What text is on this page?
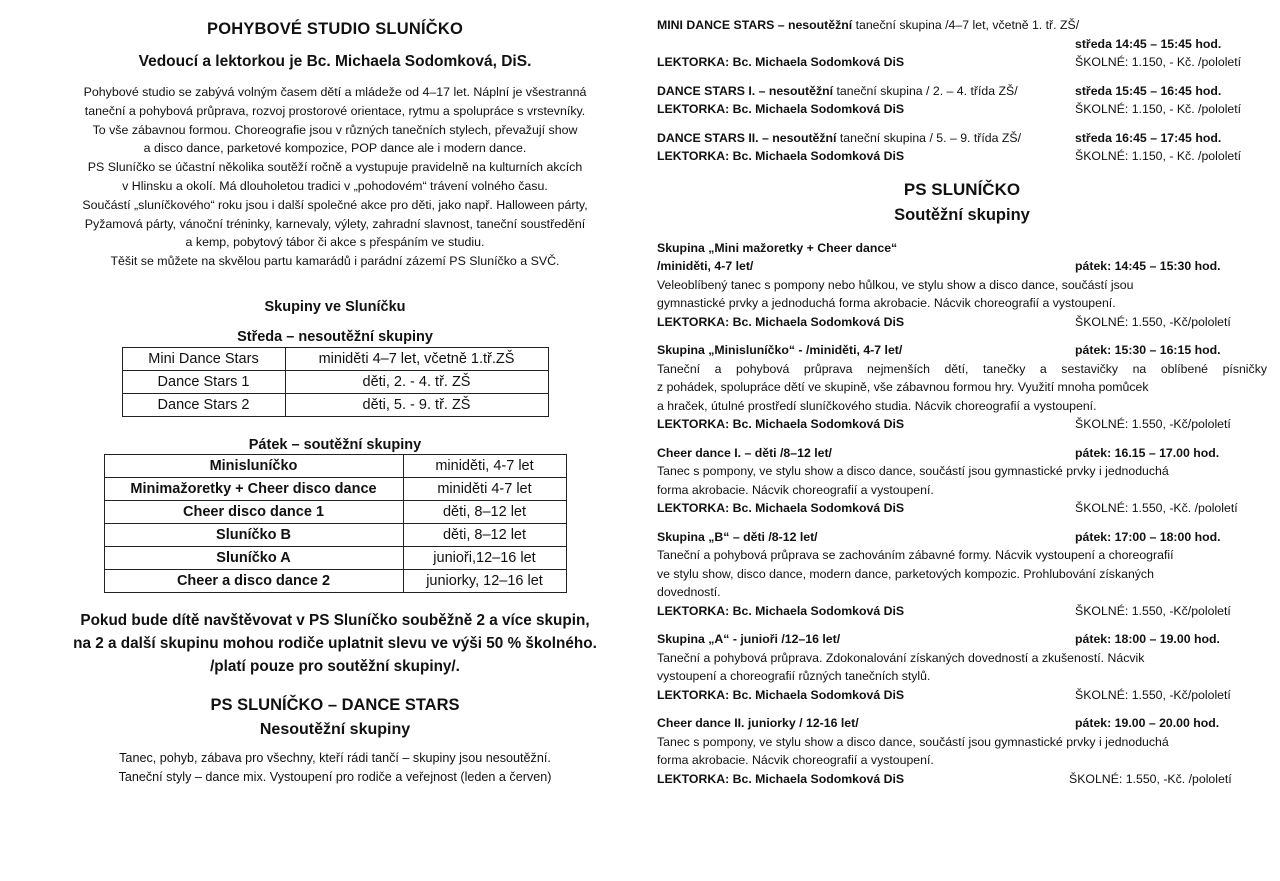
POHYBOVÉ STUDIO SLUNÍČKO
Vedoucí a lektorkou je Bc. Michaela Sodomková, DiS.
Pohybové studio se zabývá volným časem dětí a mládeže od 4–17 let. Náplní je všestranná
taneční a pohybová průprava, rozvoj prostorové orientace, rytmu a spolupráce s vrstevníky.
To vše zábavnou formou. Choreografie jsou v různých tanečních stylech, převažují show
a disco dance, parketové kompozice, POP dance ale i modern dance.
PS Sluníčko se účastní několika soutěží ročně a vystupuje pravidelně na kulturních akcích
v Hlinsku a okolí. Má dlouholetou tradici v „pohodovém“ trávení volného času.
Součástí „sluníčkového“ roku jsou i další společné akce pro děti, jako např. Halloween párty,
Pyžamová párty, vánoční tréninky, karnevaly, výlety, zahradní slavnost, taneční soustředění
a kemp, pobytový tábor či akce s přespáním ve studiu.
Těšit se můžete na skvělou partu kamarádů i parádní zázemí PS Sluníčko a SVČ.
Skupiny ve Sluníčku
Středa – nesoutěžní skupiny
Mini Dance Stars	miniděti 4–7 let, včetně 1.tř.ZŠ
Dance Stars 1	děti, 2. - 4. tř. ZŠ
Dance Stars 2	děti, 5. - 9. tř. ZŠ
Pátek – soutěžní skupiny
Minisluníčko	miniděti, 4-7 let
Minimažoretky + Cheer disco dance	miniděti 4-7 let
Cheer disco dance 1	děti, 8–12 let
Sluníčko B	děti, 8–12 let
Sluníčko A	junioři,12–16 let
Cheer a disco dance 2	juniorky, 12–16 let
Pokud bude dítě navštěvovat v PS Sluníčko souběžně 2 a více skupin,
na 2 a další skupinu mohou rodiče uplatnit slevu ve výši 50 % školného.
/platí pouze pro soutěžní skupiny/.
PS SLUNÍČKO – DANCE STARS
Nesoutěžní skupiny
Tanec, pohyb, zábava pro všechny, kteří rádi tančí – skupiny jsou nesoutěžní.
Taneční styly – dance mix. Vystoupení pro rodiče a veřejnost (leden a červen)
MINI DANCE STARS – nesoutěžní taneční skupina /4–7 let, včetně 1. tř. ZŠ/
středa 14:45 – 15:45 hod.
LEKTORKA: Bc. Michaela Sodomková DiS	ŠKOLNÉ: 1.150, - Kč. /pololetí
DANCE STARS I. – nesoutěžní taneční skupina / 2. – 4. třída ZŠ/	středa 15:45 – 16:45 hod.
LEKTORKA: Bc. Michaela Sodomková DiS	ŠKOLNÉ: 1.150, - Kč. /pololetí
DANCE STARS II. – nesoutěžní taneční skupina / 5. – 9. třída ZŠ/	středa 16:45 – 17:45 hod.
LEKTORKA: Bc. Michaela Sodomková DiS	ŠKOLNÉ: 1.150, - Kč. /pololetí
PS SLUNÍČKO
Soutěžní skupiny
Skupina „Mini mažoretky + Cheer dance“
/miniděti, 4-7 let/	pátek: 14:45 – 15:30 hod.
Veleoblíbený tanec s pompony nebo hůlkou, ve stylu show a disco dance, součástí jsou
gymnastické prvky a jednoduchá forma akrobacie. Nácvik choreografií a vystoupení.
LEKTORKA: Bc. Michaela Sodomková DiS	ŠKOLNÉ: 1.550, -Kč/pololetí
Skupina „Minisluníčko“ - /miniděti, 4-7 let/	pátek: 15:30 – 16:15 hod.
Taneční a pohybová průprava nejmenších dětí, tanečky a sestavičky na oblíbené písničky
z pohádek, spolupráce dětí ve skupině, vše zábavnou formou hry. Využití mnoha pomůcek
a hraček, útulné prostředí sluníčkového studia. Nácvik choreografií a vystoupení.
LEKTORKA: Bc. Michaela Sodomková DiS	ŠKOLNÉ: 1.550, -Kč/pololetí
Cheer dance I. – děti /8–12 let/	pátek: 16.15 – 17.00 hod.
Tanec s pompony, ve stylu show a disco dance, součástí jsou gymnastické prvky i jednoduchá
forma akrobacie. Nácvik choreografií a vystoupení.
LEKTORKA: Bc. Michaela Sodomková DiS	ŠKOLNÉ: 1.550, -Kč. /pololetí
Skupina „B“ – děti /8-12 let/	pátek: 17:00 – 18:00 hod.
Taneční a pohybová průprava se zachováním zábavné formy. Nácvik vystoupení a choreografií
ve stylu show, disco dance, modern dance, parketových kompozic. Prohlubování získaných
dovedností.
LEKTORKA: Bc. Michaela Sodomková DiS	ŠKOLNÉ: 1.550, -Kč/pololetí
Skupina „A“ - junioři /12–16 let/	pátek: 18:00 – 19.00 hod.
Taneční a pohybová průprava. Zdokonalování získaných dovedností a zkušeností. Nácvik
vystoupení a choreografií různých tanečních stylů.
LEKTORKA: Bc. Michaela Sodomková DiS	ŠKOLNÉ: 1.550, -Kč/pololetí
Cheer dance II. juniorky / 12-16 let/	pátek: 19.00 – 20.00 hod.
Tanec s pompony, ve stylu show a disco dance, součástí jsou gymnastické prvky i jednoduchá
forma akrobacie. Nácvik choreografií a vystoupení.
LEKTORKA: Bc. Michaela Sodomková DiS	ŠKOLNÉ: 1.550, -Kč. /pololetí
